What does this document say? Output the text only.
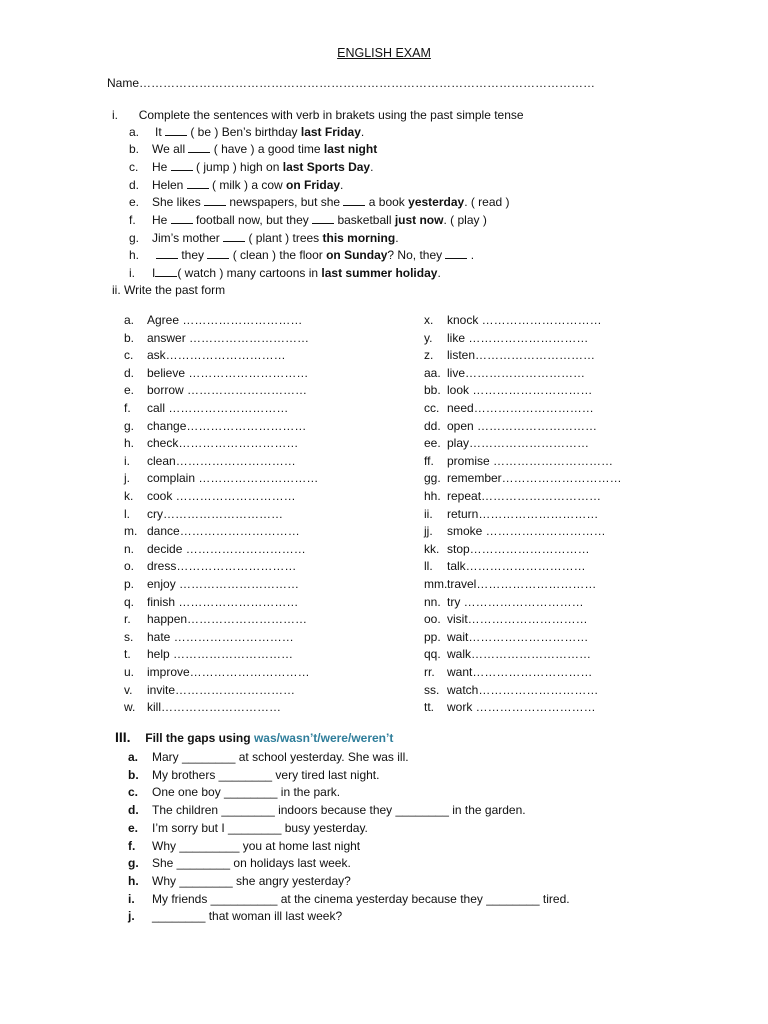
ENGLISH EXAM
Name……………………………………………………………………………………………………
i. Complete the sentences with verb in brakets using the past simple tense
a. It  ( be ) Ben’s birthday last Friday.
b. We all  ( have ) a good time last night
c. He  ( jump ) high on last Sports Day.
d. Helen  ( milk ) a cow on Friday.
e. She likes  newspapers, but she  a book yesterday. ( read )
f. He  football now, but they  basketball just now. ( play )
g. Jim’s mother  ( plant ) trees this morning.
h.	they  ( clean ) the floor on Sunday? No, they  .
i. I ( watch ) many cartoons in last summer holiday.
ii. Write the past form
a. Agree …………………………
b. answer …………………………
c. ask…………………………
d. believe …………………………
e. borrow …………………………
f. call …………………………
g. change…………………………
h. check…………………………
i. clean…………………………
j. complain …………………………
k. cook …………………………
l. cry…………………………
m. dance…………………………
n. decide …………………………
o. dress…………………………
p. enjoy …………………………
q. finish …………………………
r. happen…………………………
s. hate …………………………
t. help …………………………
u. improve…………………………
v. invite…………………………
w. kill…………………………
x. knock …………………………
y. like …………………………
z. listen…………………………
aa. live…………………………
bb. look …………………………
cc. need…………………………
dd. open …………………………
ee. play…………………………
ff. promise …………………………
gg. remember…………………………
hh. repeat…………………………
ii. return…………………………
jj. smoke …………………………
kk. stop…………………………
ll. talk…………………………
mm.travel…………………………
nn. try …………………………
oo. visit…………………………
pp. wait…………………………
qq. walk…………………………
rr. want…………………………
ss. watch…………………………
tt. work …………………………
III. Fill the gaps using was/wasn’t/were/weren’t
a. Mary ________ at school yesterday. She was ill.
b. My brothers ________ very tired last night.
c. One one boy ________ in the park.
d. The children ________ indoors because they ________ in the garden.
e. I’m sorry but I ________ busy yesterday.
f. Why _________ you at home last night
g. She ________ on holidays last week.
h. Why ________ she angry yesterday?
i. My friends __________ at the cinema yesterday because they ________ tired.
j. ________ that woman ill last week?
